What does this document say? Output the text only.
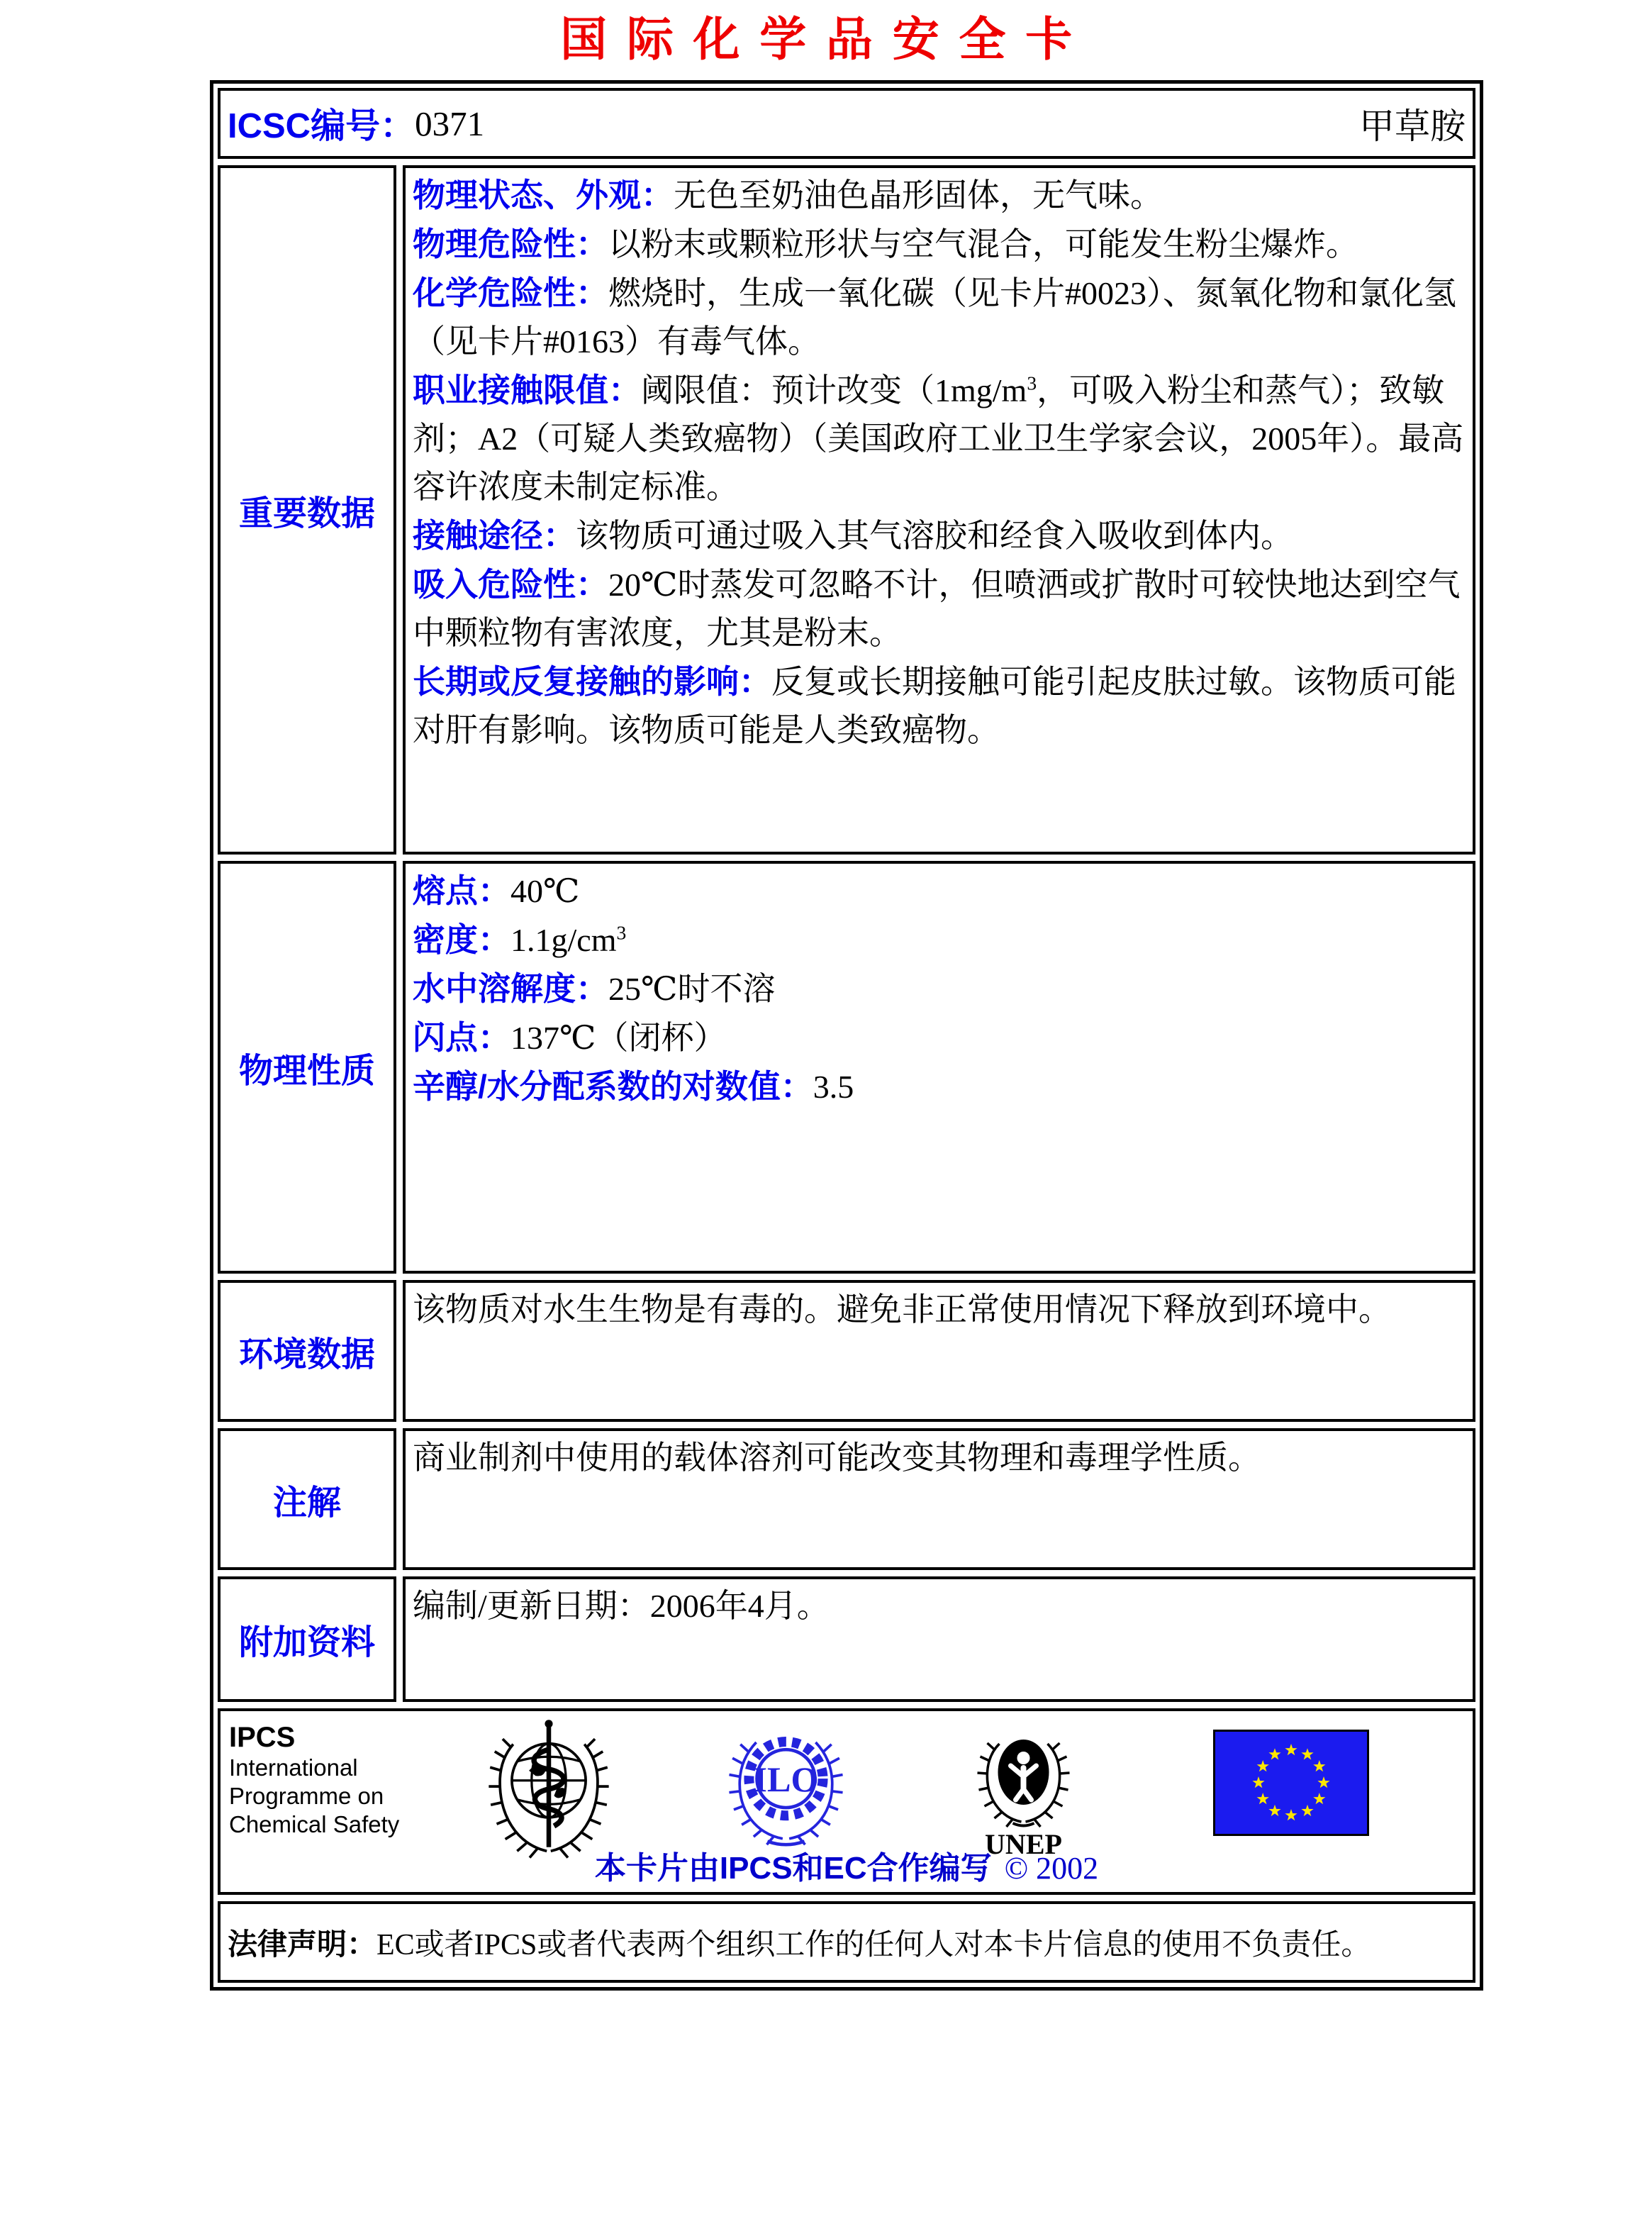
国际化学品安全卡
ICSC编号： 0371	甲草胺
重要数据

物理状态、外观：无色至奶油色晶形固体，无气味。

物理危险性：以粉末或颗粒形状与空气混合，可能发生粉尘爆炸。

化学危险性：燃烧时，生成一氧化碳（见卡片#0023）、氮氧化物和氯化氢（见卡片#0163）有毒气体。

职业接触限值：阈限值：预计改变（$1mg/m^3$，可吸入粉尘和蒸气）；致敏剂；A2（可疑人类致癌物）（美国政府工业卫生学家会议，2005年）。最高容许浓度未制定标准。

接触途径：该物质可通过吸入其气溶胶和经食入吸收到体内。

吸入危险性：20℃时蒸发可忽略不计，但喷洒或扩散时可较快地达到空气中颗粒物有害浓度，尤其是粉末。

长期或反复接触的影响：反复或长期接触可能引起皮肤过敏。该物质可能对肝有影响。该物质可能是人类致癌物。

物理性质

熔点：40℃

密度：$1.1g/cm^3$

水中溶解度：25℃时不溶

闪点：137℃（闭杯）

辛醇/水分配系数的对数值：3.5

环境数据

该物质对水生生物是有毒的。避免非正常使用情况下释放到环境中。

注解

商业制剂中使用的载体溶剂可能改变其物理和毒理学性质。

附加资料

编制/更新日期：2006年4月。

IPCS
International
Programme on
Chemical Safety
ILO
UNEP
本卡片由IPCS和EC合作编写 © 2002
法律声明： EC或者IPCS或者代表两个组织工作的任何人对本卡片信息的使用不负责任。
